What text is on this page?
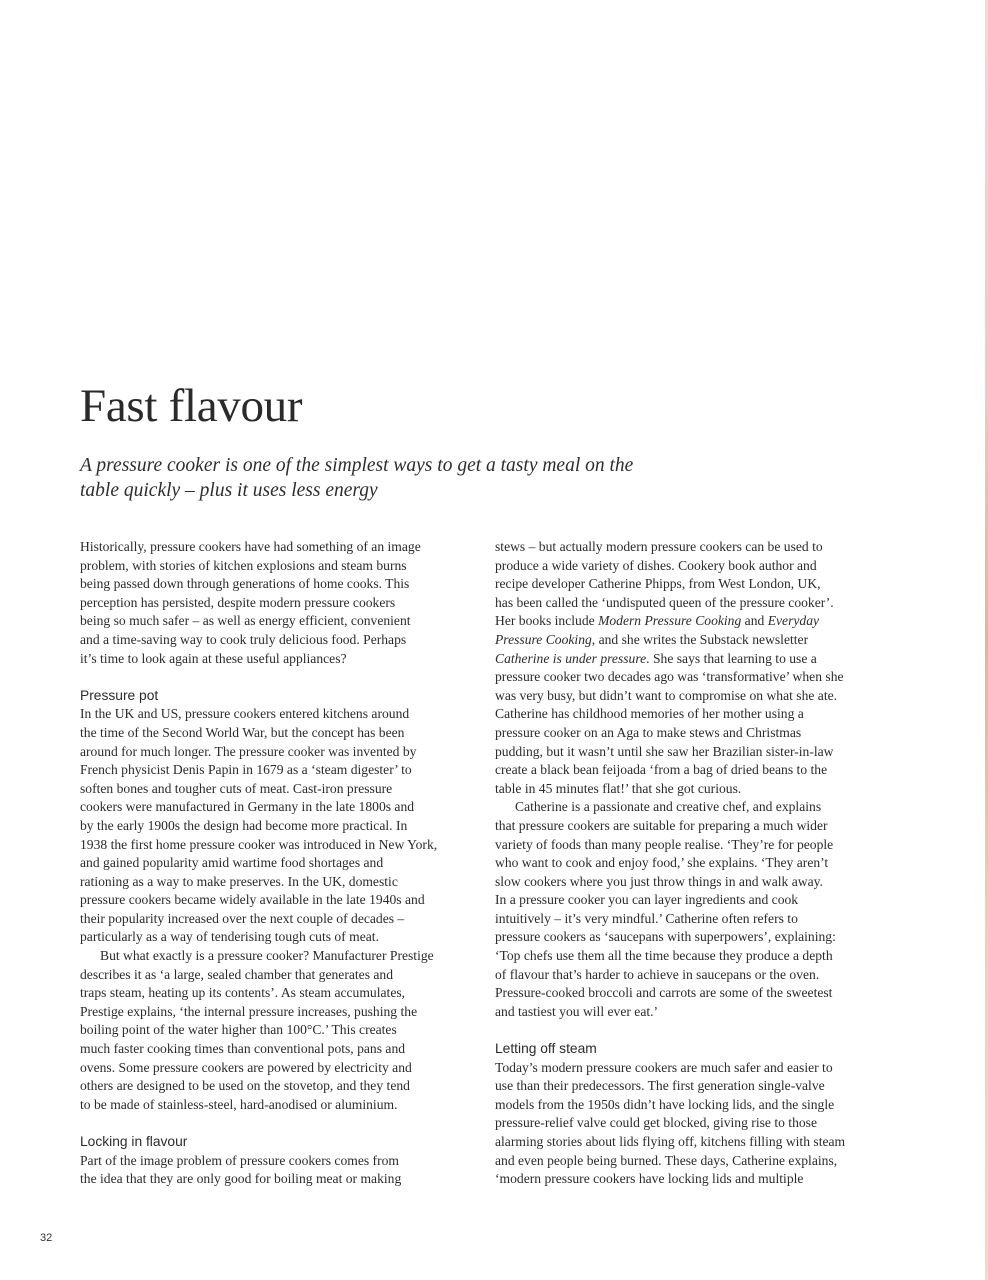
Fast flavour
A pressure cooker is one of the simplest ways to get a tasty meal on the
table quickly – plus it uses less energy

Historically, pressure cookers have had something of an image
problem, with stories of kitchen explosions and steam burns
being passed down through generations of home cooks. This
perception has persisted, despite modern pressure cookers
being so much safer – as well as energy efficient, convenient
and a time-saving way to cook truly delicious food. Perhaps
it’s time to look again at these useful appliances?

Pressure pot

In the UK and US, pressure cookers entered kitchens around
the time of the Second World War, but the concept has been
around for much longer. The pressure cooker was invented by
French physicist Denis Papin in 1679 as a ‘steam digester’ to
soften bones and tougher cuts of meat. Cast-iron pressure
cookers were manufactured in Germany in the late 1800s and
by the early 1900s the design had become more practical. In
1938 the first home pressure cooker was introduced in New York,
and gained popularity amid wartime food shortages and
rationing as a way to make preserves. In the UK, domestic
pressure cookers became widely available in the late 1940s and
their popularity increased over the next couple of decades –
particularly as a way of tenderising tough cuts of meat.

But what exactly is a pressure cooker? Manufacturer Prestige
describes it as ‘a large, sealed chamber that generates and
traps steam, heating up its contents’. As steam accumulates,
Prestige explains, ‘the internal pressure increases, pushing the
boiling point of the water higher than 100°C.’ This creates
much faster cooking times than conventional pots, pans and
ovens. Some pressure cookers are powered by electricity and
others are designed to be used on the stovetop, and they tend
to be made of stainless-steel, hard-anodised or aluminium.

Locking in flavour

Part of the image problem of pressure cookers comes from
the idea that they are only good for boiling meat or making

stews – but actually modern pressure cookers can be used to
produce a wide variety of dishes. Cookery book author and
recipe developer Catherine Phipps, from West London, UK,
has been called the ‘undisputed queen of the pressure cooker’.
Her books include Modern Pressure Cooking and Everyday
Pressure Cooking, and she writes the Substack newsletter
Catherine is under pressure. She says that learning to use a
pressure cooker two decades ago was ‘transformative’ when she
was very busy, but didn’t want to compromise on what she ate.
Catherine has childhood memories of her mother using a
pressure cooker on an Aga to make stews and Christmas
pudding, but it wasn’t until she saw her Brazilian sister-in-law
create a black bean feijoada ‘from a bag of dried beans to the
table in 45 minutes flat!’ that she got curious.

Catherine is a passionate and creative chef, and explains
that pressure cookers are suitable for preparing a much wider
variety of foods than many people realise. ‘They’re for people
who want to cook and enjoy food,’ she explains. ‘They aren’t
slow cookers where you just throw things in and walk away.
In a pressure cooker you can layer ingredients and cook
intuitively – it’s very mindful.’ Catherine often refers to
pressure cookers as ‘saucepans with superpowers’, explaining:
‘Top chefs use them all the time because they produce a depth
of flavour that’s harder to achieve in saucepans or the oven.
Pressure-cooked broccoli and carrots are some of the sweetest
and tastiest you will ever eat.’

Letting off steam

Today’s modern pressure cookers are much safer and easier to
use than their predecessors. The first generation single-valve
models from the 1950s didn’t have locking lids, and the single
pressure-relief valve could get blocked, giving rise to those
alarming stories about lids flying off, kitchens filling with steam
and even people being burned. These days, Catherine explains,
‘modern pressure cookers have locking lids and multiple

32
